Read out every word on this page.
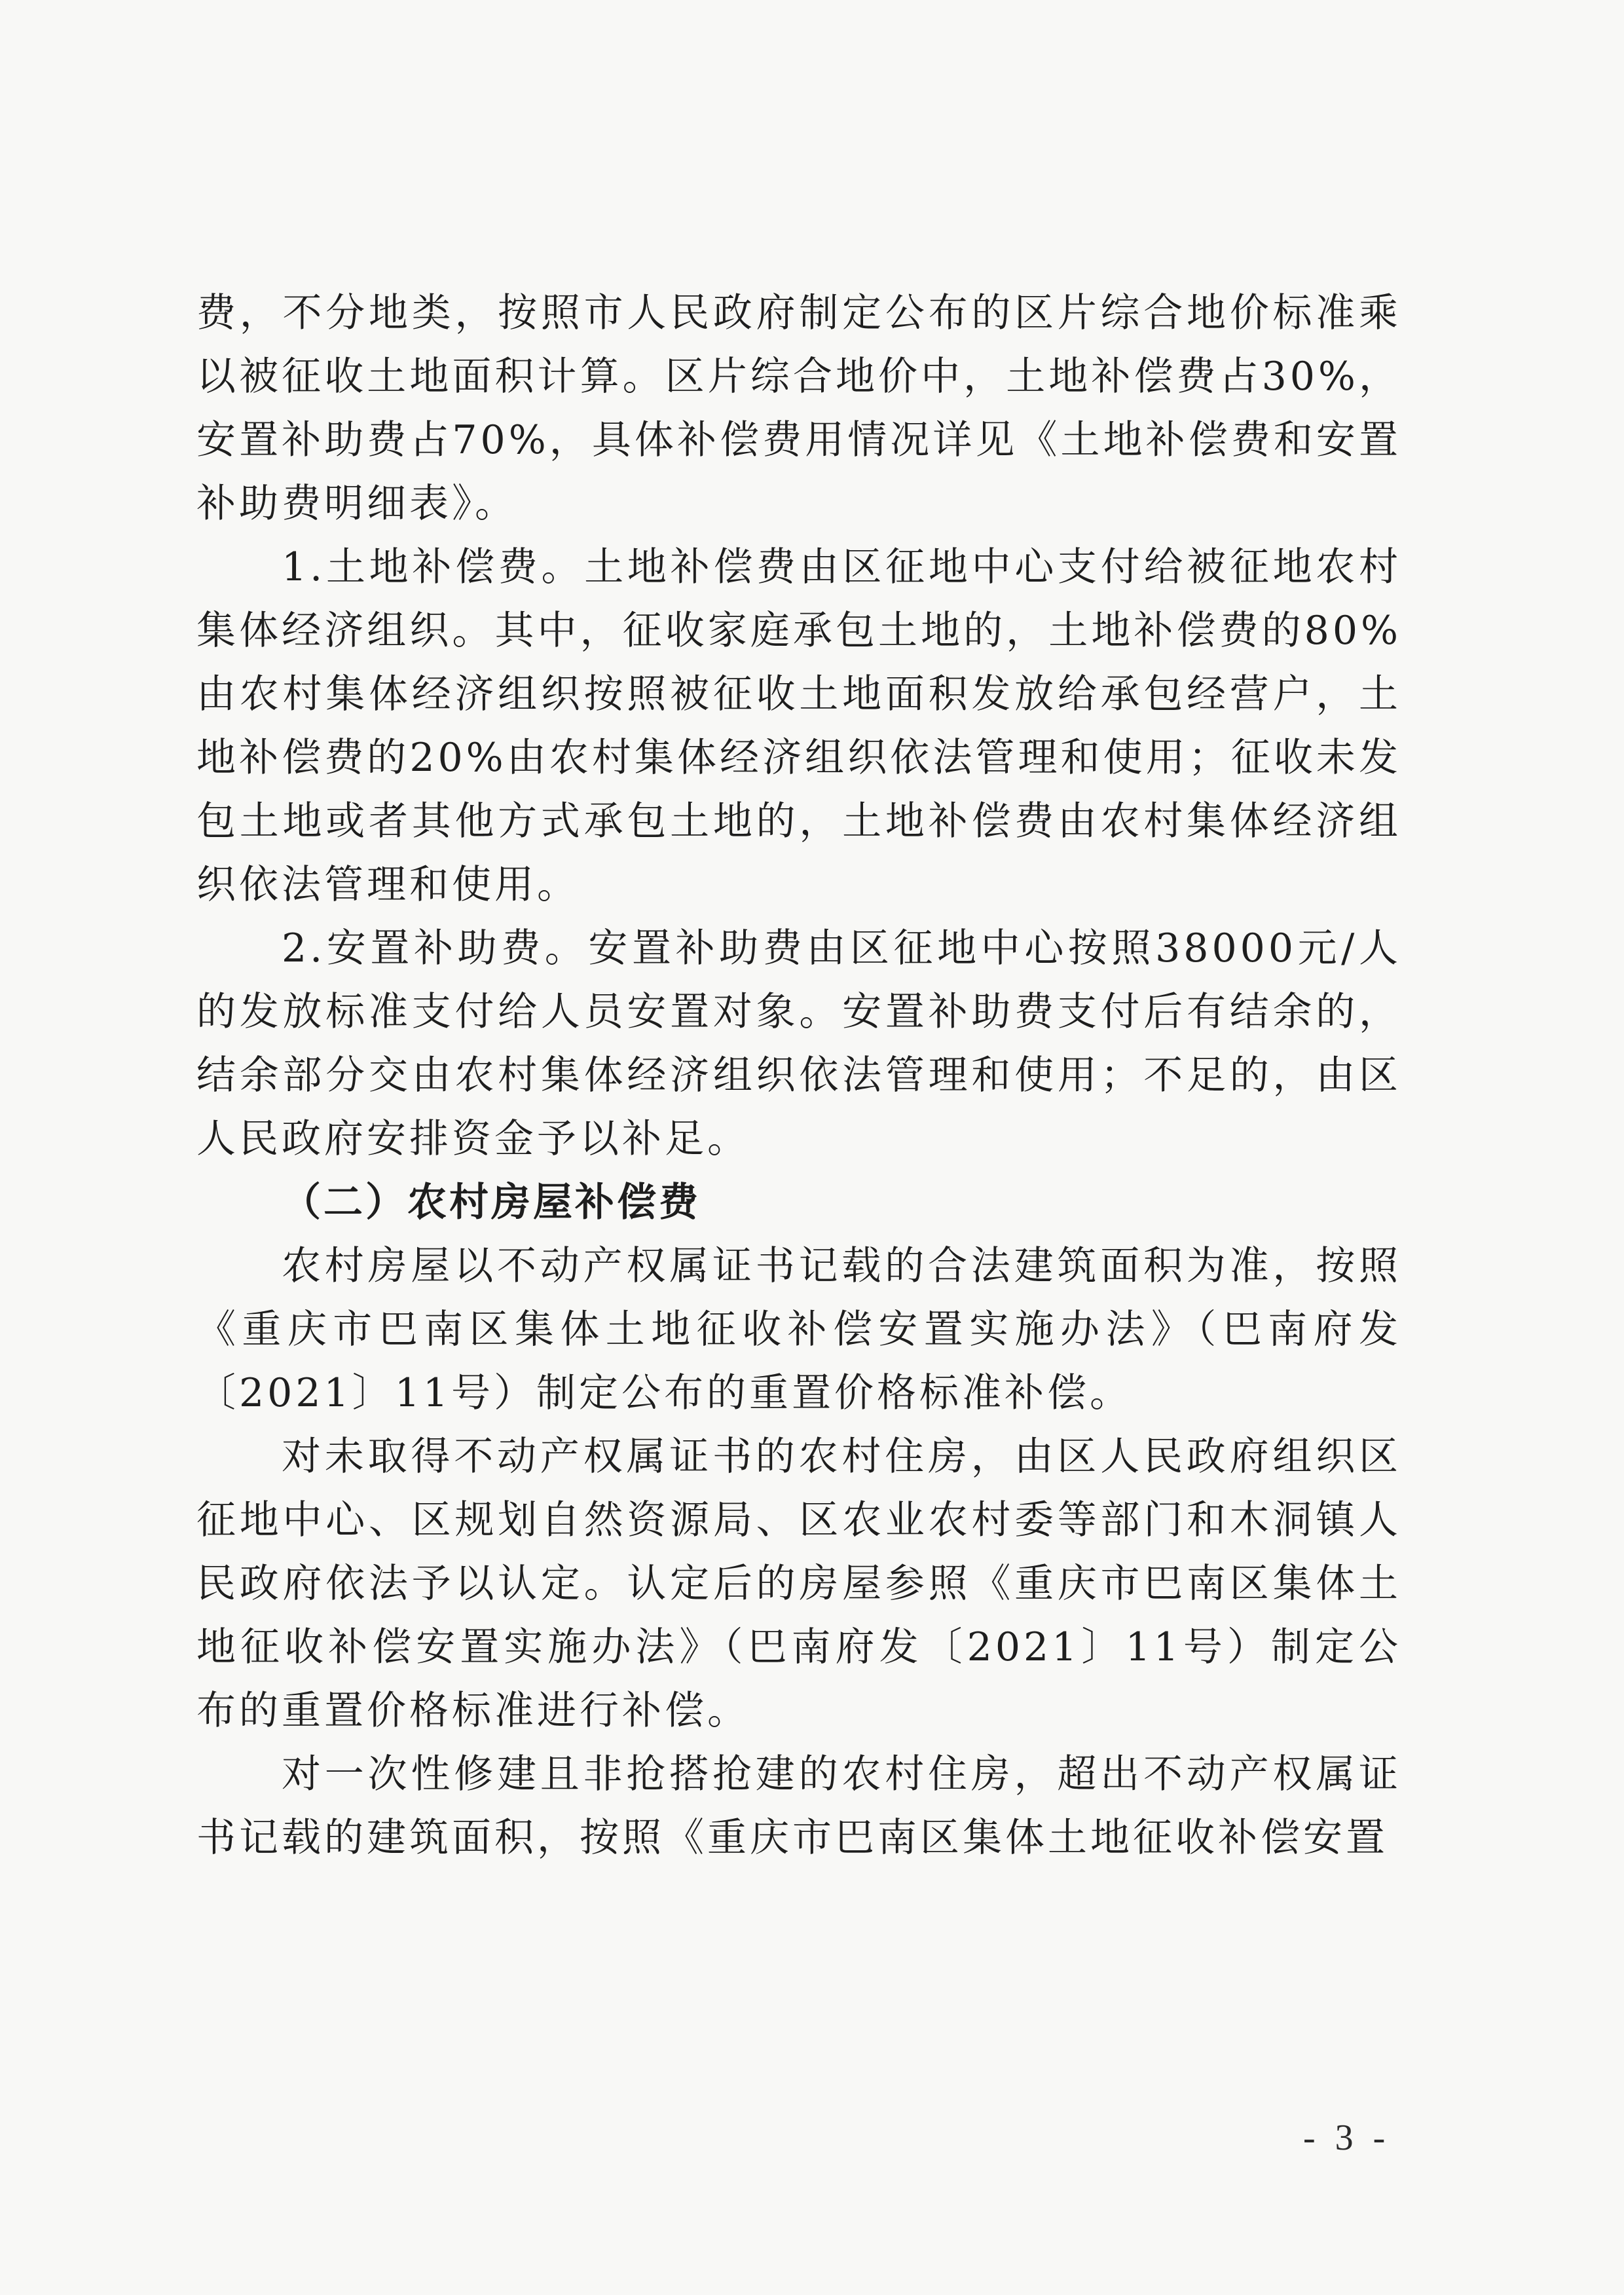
费，不分地类，按照市人民政府制定公布的区片综合地价标准乘以被征收土地面积计算。区片综合地价中，土地补偿费占30%，安置补助费占70%，具体补偿费用情况详见《土地补偿费和安置补助费明细表》。

1.土地补偿费。土地补偿费由区征地中心支付给被征地农村集体经济组织。其中，征收家庭承包土地的，土地补偿费的80%由农村集体经济组织按照被征收土地面积发放给承包经营户，土地补偿费的20%由农村集体经济组织依法管理和使用；征收未发包土地或者其他方式承包土地的，土地补偿费由农村集体经济组织依法管理和使用。

2.安置补助费。安置补助费由区征地中心按照38000元/人的发放标准支付给人员安置对象。安置补助费支付后有结余的，结余部分交由农村集体经济组织依法管理和使用；不足的，由区人民政府安排资金予以补足。

（二）农村房屋补偿费

农村房屋以不动产权属证书记载的合法建筑面积为准，按照《重庆市巴南区集体土地征收补偿安置实施办法》（巴南府发〔2021〕11号）制定公布的重置价格标准补偿。

对未取得不动产权属证书的农村住房，由区人民政府组织区征地中心、区规划自然资源局、区农业农村委等部门和木洞镇人民政府依法予以认定。认定后的房屋参照《重庆市巴南区集体土地征收补偿安置实施办法》（巴南府发〔2021〕11号）制定公布的重置价格标准进行补偿。

对一次性修建且非抢搭抢建的农村住房，超出不动产权属证书记载的建筑面积，按照《重庆市巴南区集体土地征收补偿安置

- 3 -
